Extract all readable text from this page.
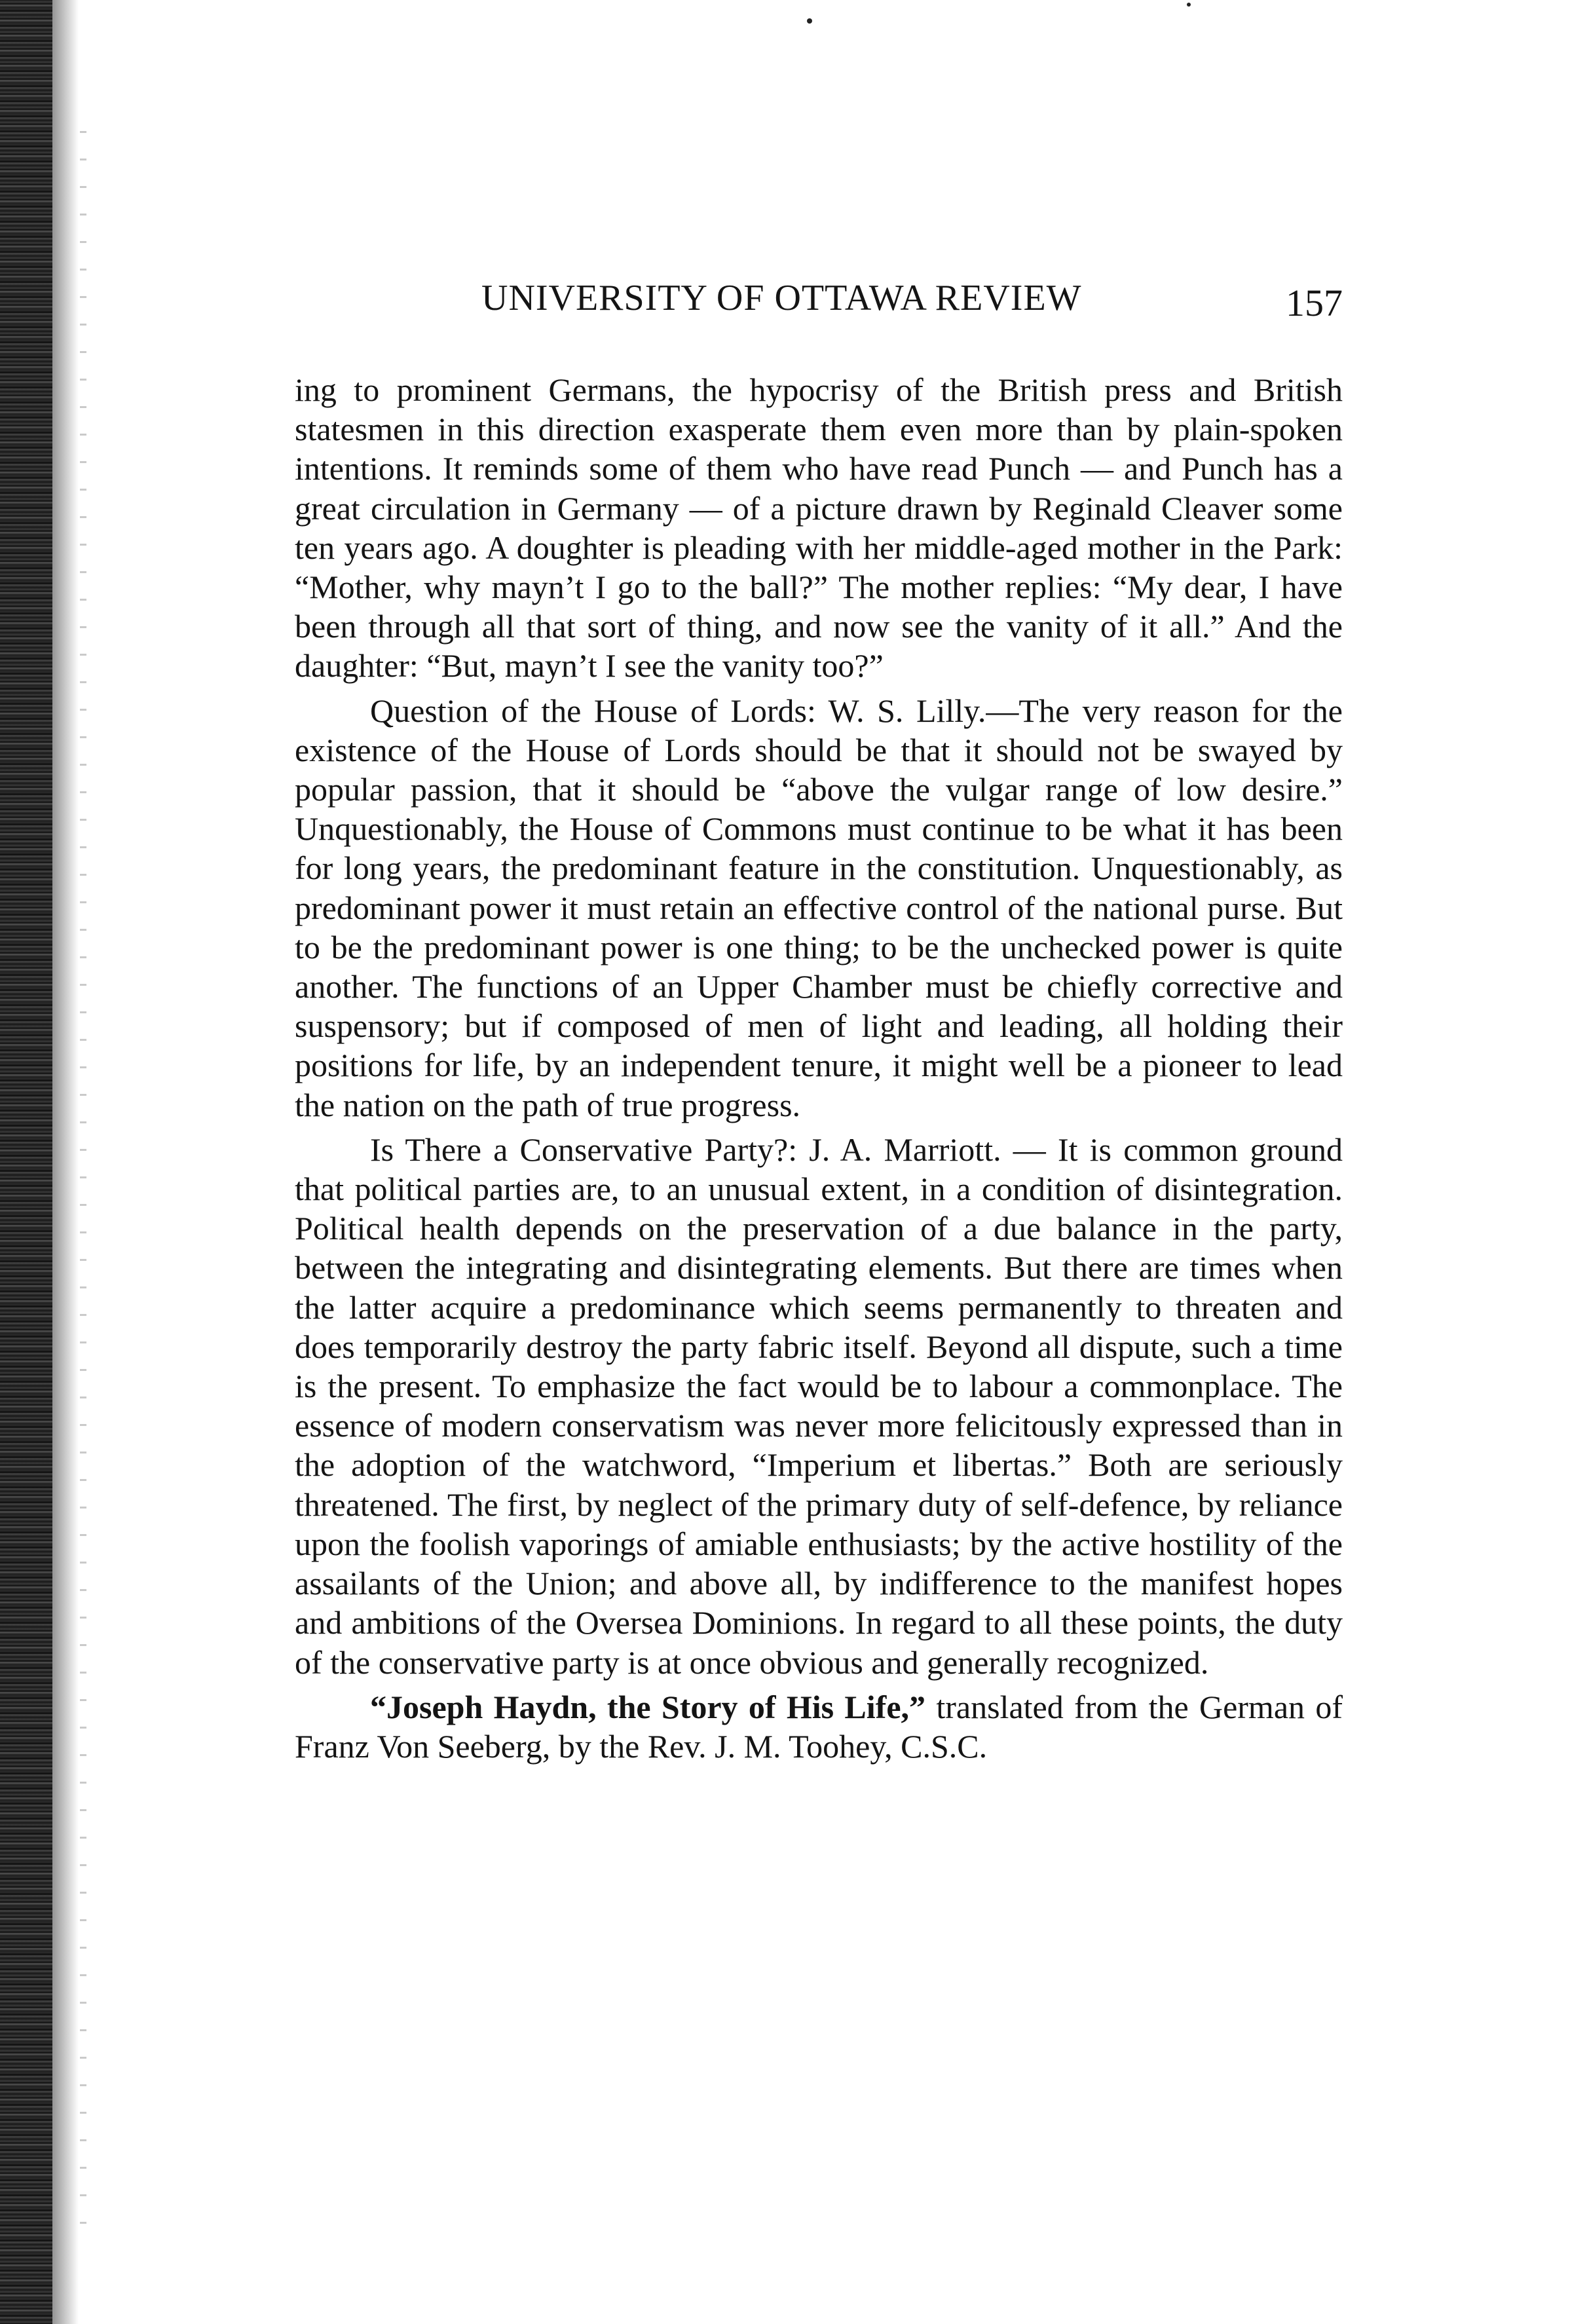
UNIVERSITY OF OTTAWA REVIEW	157

ing to prominent Germans, the hypocrisy of the British press and British statesmen in this direction exasperate them even more than by plain-spoken intentions. It reminds some of them who have read Punch — and Punch has a great circulation in Germany — of a picture drawn by Reginald Cleaver some ten years ago. A doughter is pleading with her middle-aged mother in the Park: “Mother, why mayn’t I go to the ball?” The mother replies: “My dear, I have been through all that sort of thing, and now see the vanity of it all.” And the daughter: “But, mayn’t I see the vanity too?”

Question of the House of Lords: W. S. Lilly.—The very reason for the existence of the House of Lords should be that it should not be swayed by popular passion, that it should be “above the vulgar range of low desire.” Unquestionably, the House of Commons must continue to be what it has been for long years, the predominant feature in the constitution. Unquestionably, as predominant power it must retain an effective control of the national purse. But to be the predominant power is one thing; to be the unchecked power is quite another. The functions of an Upper Chamber must be chiefly corrective and suspensory; but if composed of men of light and leading, all holding their positions for life, by an independent tenure, it might well be a pioneer to lead the nation on the path of true progress.

Is There a Conservative Party?: J. A. Marriott. — It is common ground that political parties are, to an unusual extent, in a condition of disintegration. Political health depends on the preservation of a due balance in the party, between the integrating and disintegrating elements. But there are times when the latter acquire a predominance which seems permanently to threaten and does temporarily destroy the party fabric itself. Beyond all dispute, such a time is the present. To emphasize the fact would be to labour a commonplace. The essence of modern conservatism was never more felicitously expressed than in the adoption of the watchword, “Imperium et libertas.” Both are seriously threatened. The first, by neglect of the primary duty of self-defence, by reliance upon the foolish vaporings of amiable enthusiasts; by the active hostility of the assailants of the Union; and above all, by indifference to the manifest hopes and ambitions of the Oversea Dominions. In regard to all these points, the duty of the conservative party is at once obvious and generally recognized.

“Joseph Haydn, the Story of His Life,” translated from the German of Franz Von Seeberg, by the Rev. J. M. Toohey, C.S.C.
